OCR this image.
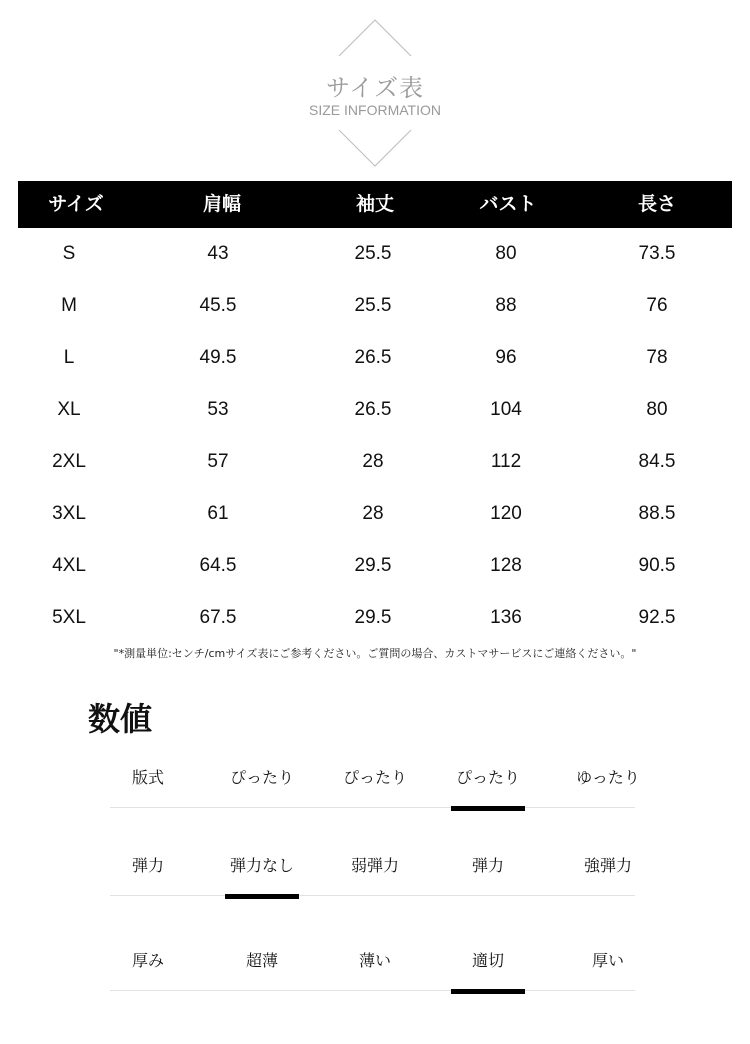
サイズ表
SIZE INFORMATION
サイズ	肩幅	袖丈	バスト	長さ
S	43	25.5	80	73.5
M	45.5	25.5	88	76
L	49.5	26.5	96	78
XL	53	26.5	104	80
2XL	57	28	112	84.5
3XL	61	28	120	88.5
4XL	64.5	29.5	128	90.5
5XL	67.5	29.5	136	92.5
"*測量単位:センチ/cmサイズ表にご参考ください。ご質問の場合、カストマサービスにご連絡ください。"
数値
版式	ぴったり	ぴったり	ぴったり	ゆったり
弾力	弾力なし	弱弾力	弾力	強弾力
厚み	超薄	薄い	適切	厚い
